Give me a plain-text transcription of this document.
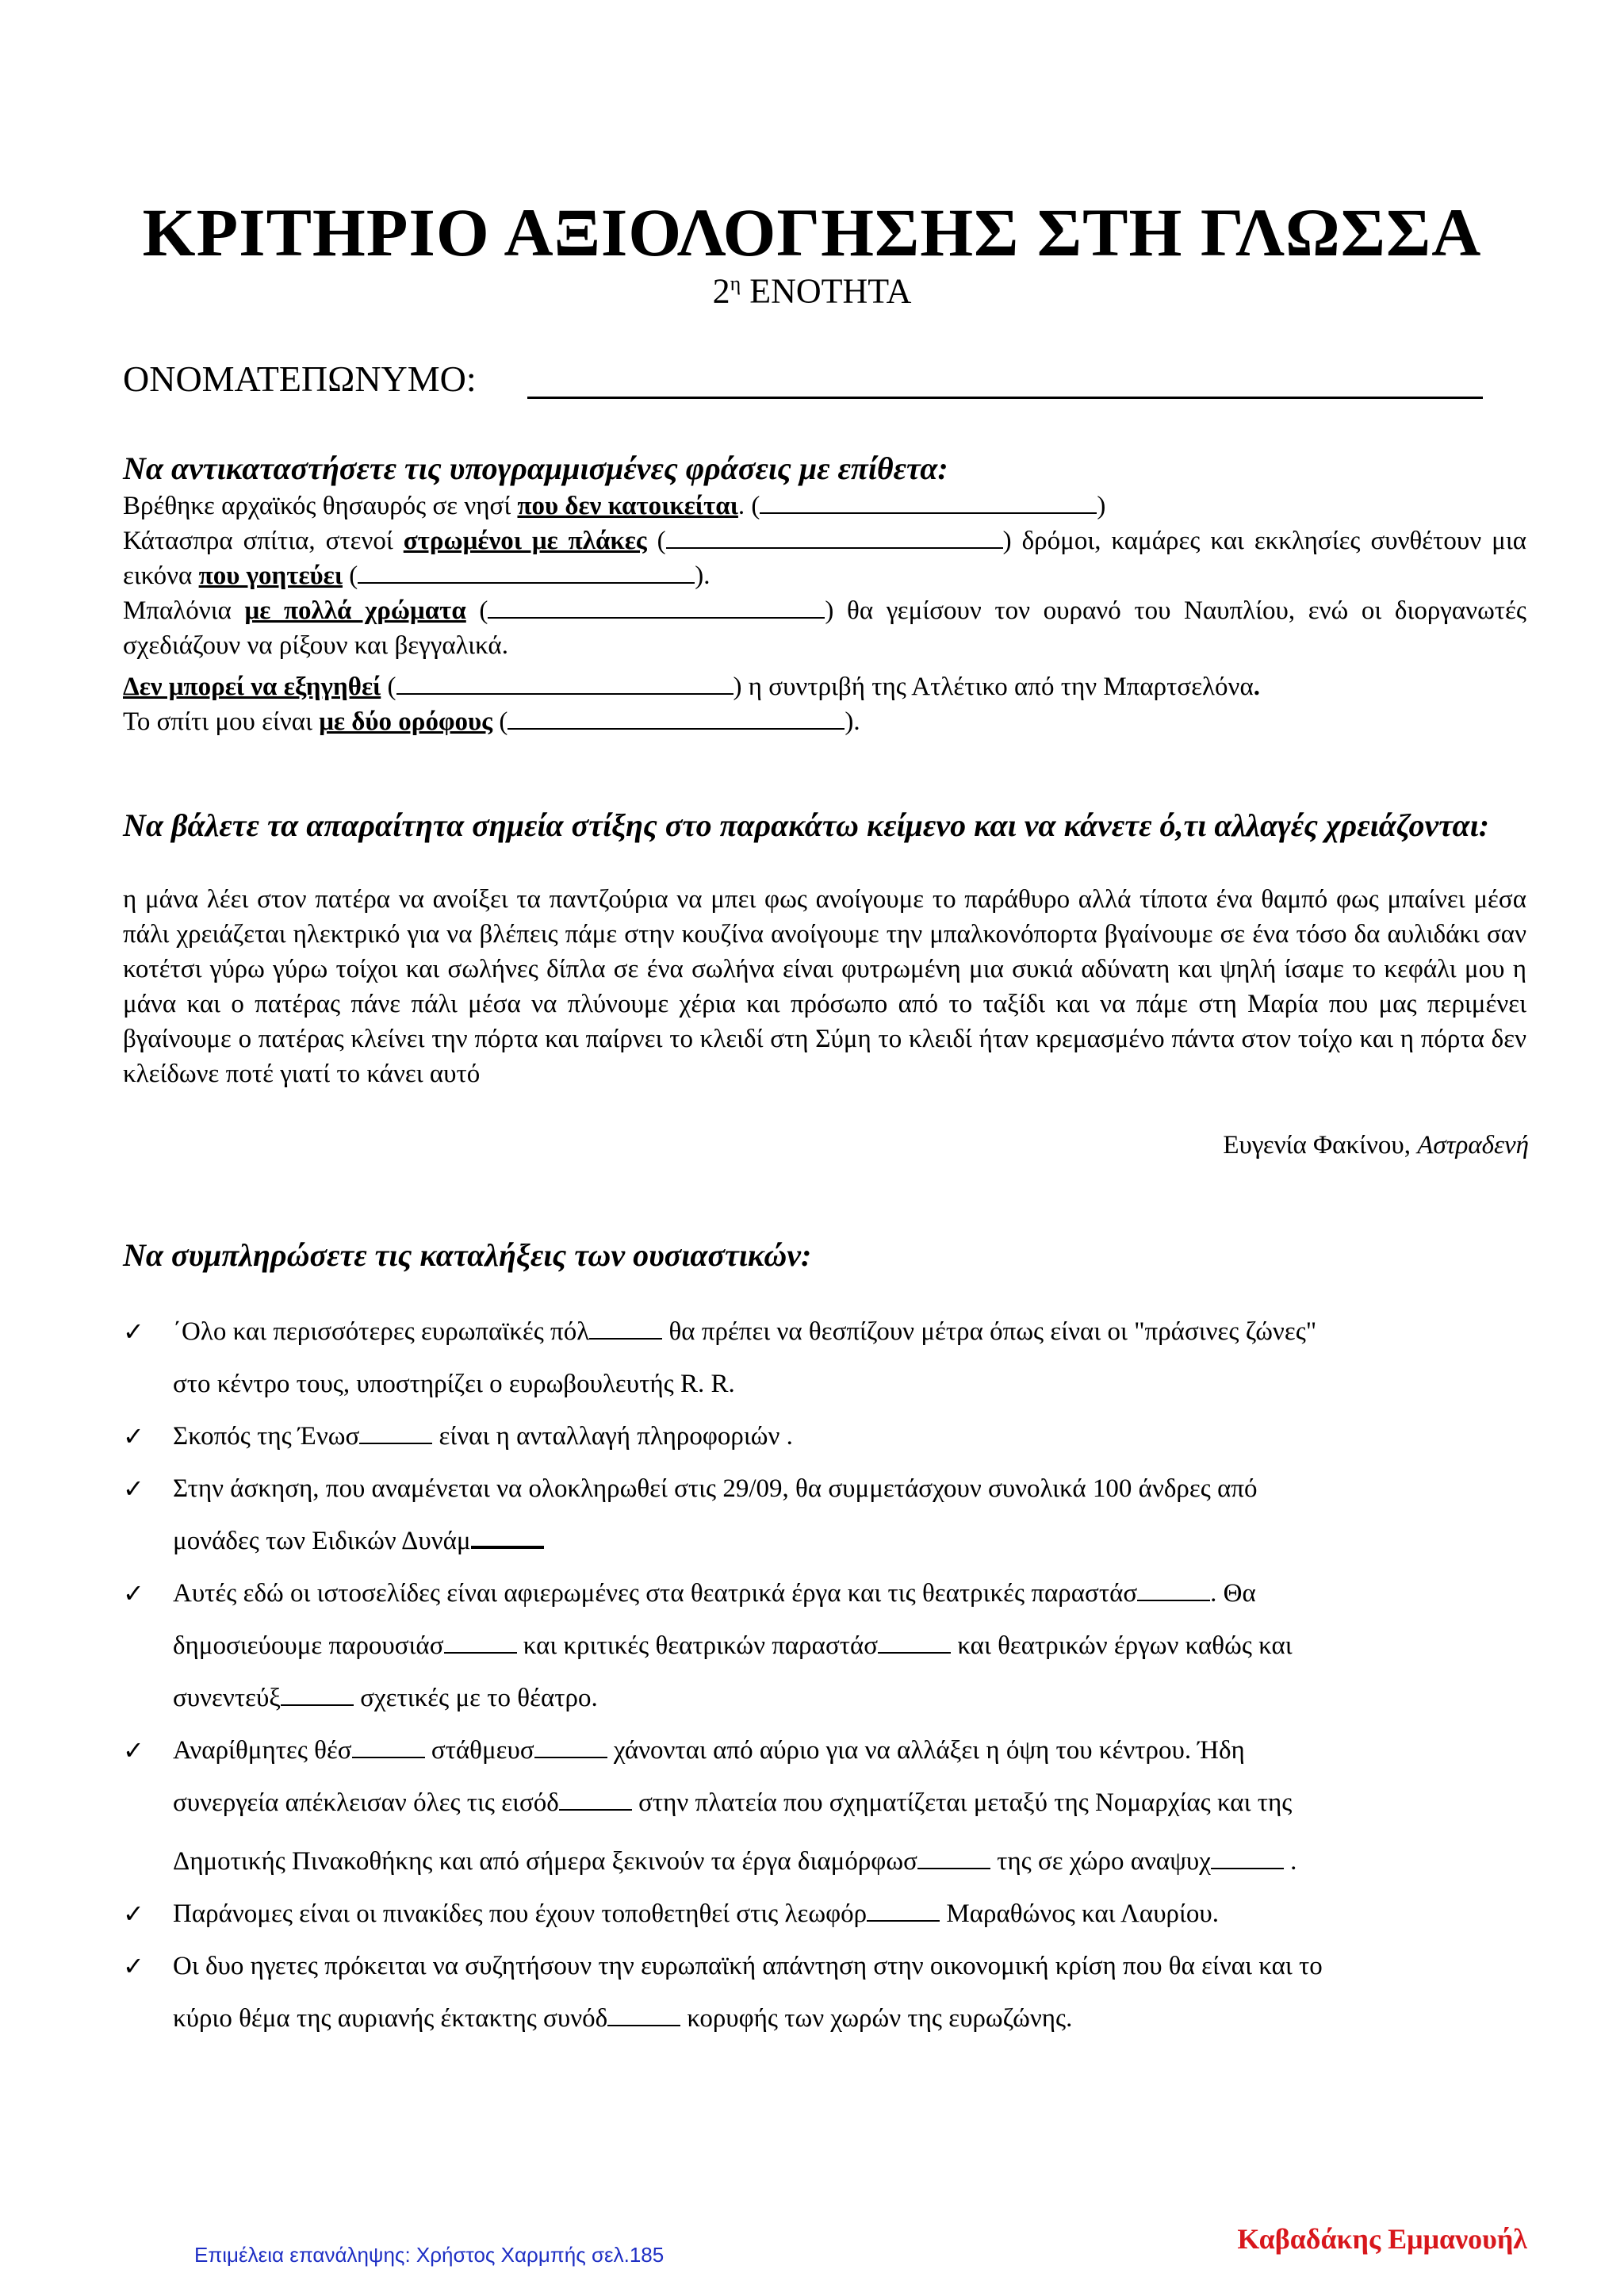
ΚΡΙΤΗΡΙΟ ΑΞΙΟΛΟΓΗΣΗΣ ΣΤΗ ΓΛΩΣΣΑ
$2^\eta$ ΕΝΟΤΗΤΑ
ΟΝΟΜΑΤΕΠΩΝΥΜΟ:
Να αντικαταστήσετε τις υπογραμμισμένες φράσεις με επίθετα:

Βρέθηκε αρχαϊκός θησαυρός σε νησί που δεν κατοικείται. (	)

Κάτασπρα σπίτια, στενοί στρωμένοι με πλάκες (	) δρόμοι, καμάρες και εκκλησίες συνθέτουν μια εικόνα που γοητεύει (	).

Μπαλόνια με πολλά χρώματα (	) θα γεμίσουν τον ουρανό του Ναυπλίου, ενώ οι διοργανωτές σχεδιάζουν να ρίξουν και βεγγαλικά.

Δεν μπορεί να εξηγηθεί (	) η συντριβή της Ατλέτικο από την Μπαρτσελόνα.

Το σπίτι μου είναι με δύο ορόφους (	).

Να βάλετε τα απαραίτητα σημεία στίξης στο παρακάτω κείμενο και να κάνετε ό,τι αλλαγές χρειάζονται:

η μάνα λέει στον πατέρα να ανοίξει τα παντζούρια να μπει φως ανοίγουμε το παράθυρο αλλά τίποτα ένα θαμπό φως μπαίνει μέσα πάλι χρειάζεται ηλεκτρικό για να βλέπεις πάμε στην κουζίνα ανοίγουμε την μπαλκονόπορτα βγαίνουμε σε ένα τόσο δα αυλιδάκι σαν κοτέτσι γύρω γύρω τοίχοι και σωλήνες δίπλα σε ένα σωλήνα είναι φυτρωμένη μια συκιά αδύνατη και ψηλή ίσαμε το κεφάλι μου η μάνα και ο πατέρας πάνε πάλι μέσα να πλύνουμε χέρια και πρόσωπο από το ταξίδι και να πάμε στη Μαρία που μας περιμένει βγαίνουμε ο πατέρας κλείνει την πόρτα και παίρνει το κλειδί στη Σύμη το κλειδί ήταν κρεμασμένο πάντα στον τοίχο και η πόρτα δεν κλείδωνε ποτέ γιατί το κάνει αυτό

Ευγενία Φακίνου, Αστραδενή
Να συμπληρώσετε τις καταλήξεις των ουσιαστικών:
✓ ΄Ολο και περισσότερες ευρωπαϊκές πόλ	θα πρέπει να θεσπίζουν μέτρα όπως είναι οι "πράσινες ζώνες"
στο κέντρο τους, υποστηρίζει ο ευρωβουλευτής R. R.
✓ Σκοπός της Ένωσ	είναι η ανταλλαγή πληροφοριών .
✓ Στην άσκηση, που αναμένεται να ολοκληρωθεί στις 29/09, θα συμμετάσχουν συνολικά 100 άνδρες από
μονάδες των Ειδικών Δυνάμ
✓ Αυτές εδώ οι ιστοσελίδες είναι αφιερωμένες στα θεατρικά έργα και τις θεατρικές παραστάσ	. Θα
δημοσιεύουμε παρουσιάσ	και κριτικές θεατρικών παραστάσ	και θεατρικών έργων καθώς και
συνεντεύξ	σχετικές με το θέατρο.
✓ Αναρίθμητες θέσ	στάθμευσ	χάνονται από αύριο για να αλλάξει η όψη του κέντρου. Ήδη
συνεργεία απέκλεισαν όλες τις εισόδ	στην πλατεία που σχηματίζεται μεταξύ της Νομαρχίας και της
Δημοτικής Πινακοθήκης και από σήμερα ξεκινούν τα έργα διαμόρφωσ	της σε χώρο αναψυχ	.
✓ Παράνομες είναι οι πινακίδες που έχουν τοποθετηθεί στις λεωφόρ	Μαραθώνος και Λαυρίου.
✓ Οι δυο ηγετες πρόκειται να συζητήσουν την ευρωπαϊκή απάντηση στην οικονομική κρίση που θα είναι και το
κύριο θέμα της αυριανής έκτακτης συνόδ	κορυφής των χωρών της ευρωζώνης.
Επιμέλεια επανάληψης: Χρήστος Χαρμπής σελ.185	Καβαδάκης Εμμανουήλ
